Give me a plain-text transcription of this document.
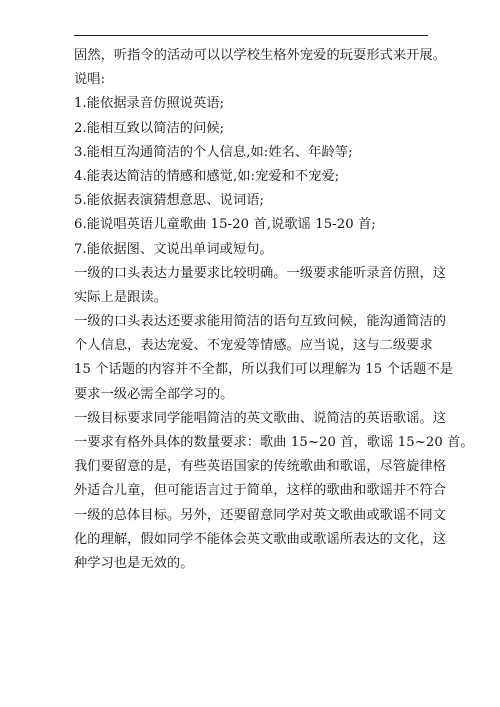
固然，听指令的活动可以以学校生格外宠爱的玩耍形式来开展。
说唱:
1.能依据录音仿照说英语;
2.能相互致以简洁的问候;
3.能相互沟通简洁的个人信息,如:姓名、年龄等;
4.能表达简洁的情感和感觉,如:宠爱和不宠爱;
5.能依据表演猜想意思、说词语;
6.能说唱英语儿童歌曲 15-20 首,说歌谣 15-20 首;
7.能依据图、文说出单词或短句。
一级的口头表达力量要求比较明确。一级要求能听录音仿照，这
实际上是跟读。
一级的口头表达还要求能用简洁的语句互致问候，能沟通简洁的
个人信息，表达宠爱、不宠爱等情感。应当说，这与二级要求
15 个话题的内容并不全都，所以我们可以理解为 15 个话题不是
要求一级必需全部学习的。
一级目标要求同学能唱简洁的英文歌曲、说简洁的英语歌谣。这
一要求有格外具体的数量要求：歌曲 15~20 首，歌谣 15~20 首。
我们要留意的是，有些英语国家的传统歌曲和歌谣，尽管旋律格
外适合儿童，但可能语言过于简单，这样的歌曲和歌谣并不符合
一级的总体目标。另外，还要留意同学对英文歌曲或歌谣不同文
化的理解，假如同学不能体会英文歌曲或歌谣所表达的文化，这
种学习也是无效的。
